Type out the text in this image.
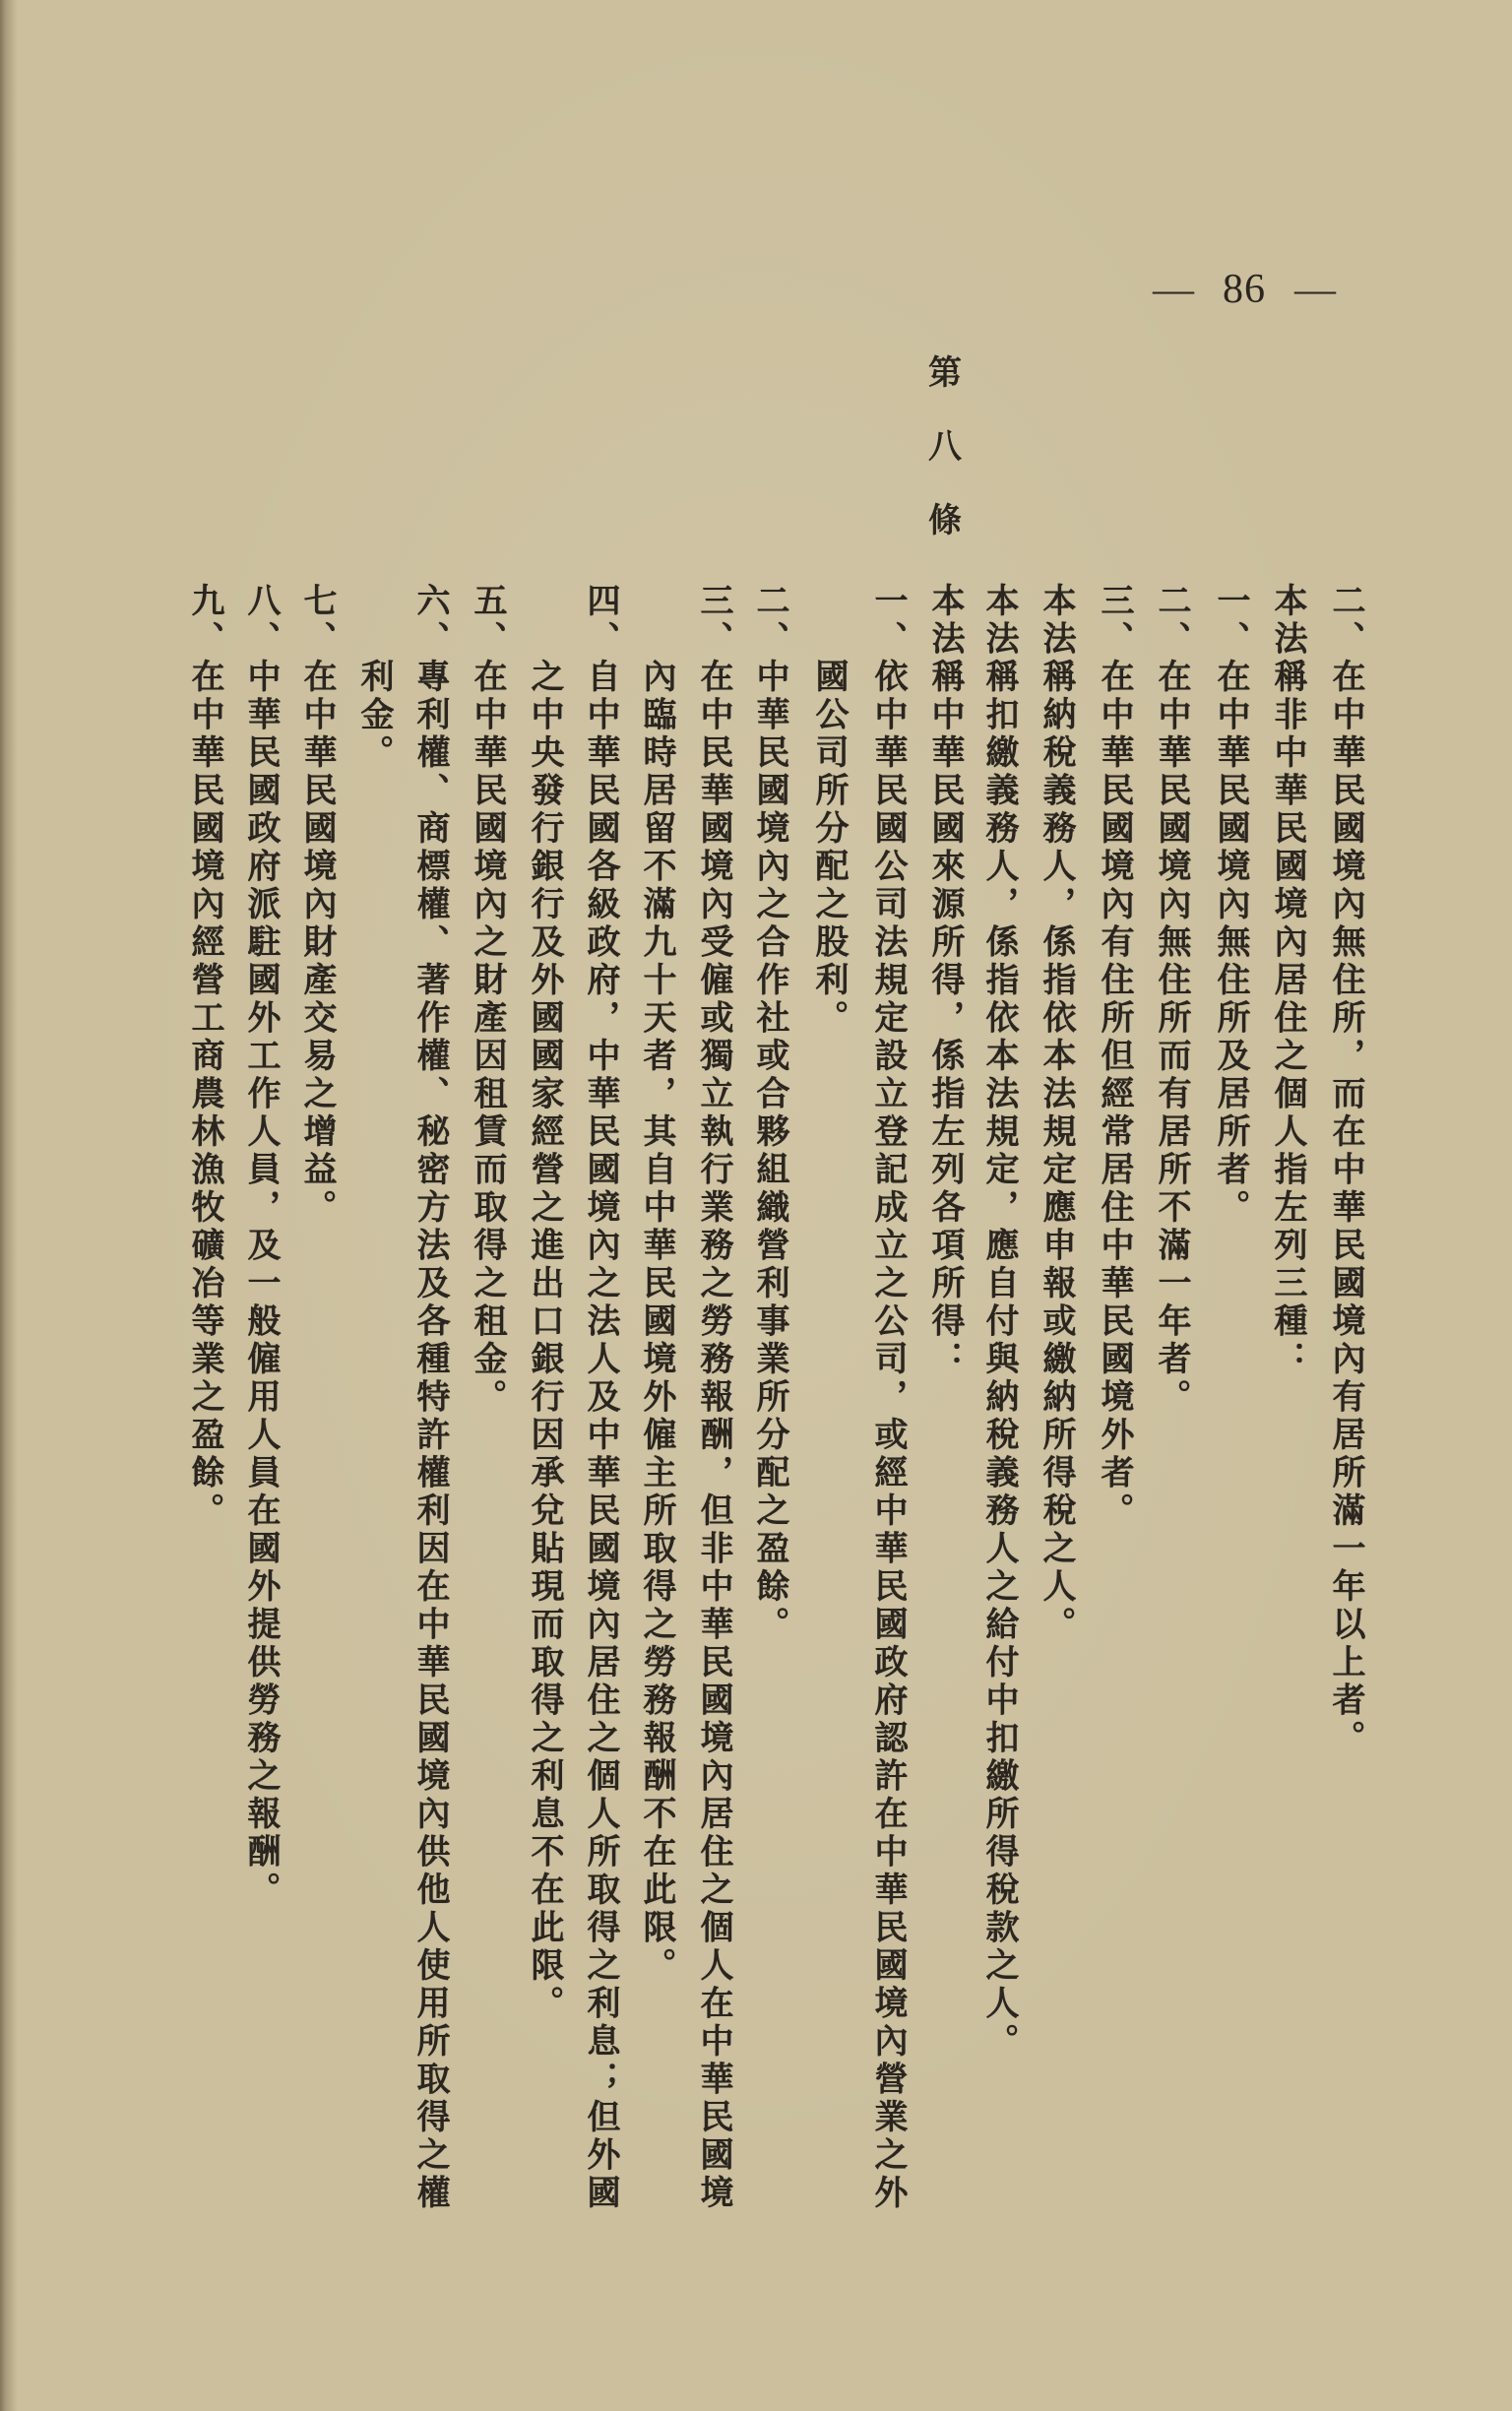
— 86 —
二、在中華民國境內無住所，而在中華民國境內有居所滿一年以上者。
本法稱非中華民國境內居住之個人指左列三種：
一、在中華民國境內無住所及居所者。
二、在中華民國境內無住所而有居所不滿一年者。
三、在中華民國境內有住所但經常居住中華民國境外者。
本法稱納稅義務人，係指依本法規定應申報或繳納所得稅之人。
本法稱扣繳義務人，係指依本法規定，應自付與納稅義務人之給付中扣繳所得稅款之人。
第
八
條
本法稱中華民國來源所得，係指左列各項所得：
一、依中華民國公司法規定設立登記成立之公司，或經中華民國政府認許在中華民國境內營業之外
國公司所分配之股利。
二、中華民國境內之合作社或合夥組織營利事業所分配之盈餘。
三、在中民華國境內受僱或獨立執行業務之勞務報酬，但非中華民國境內居住之個人在中華民國境
內臨時居留不滿九十天者，其自中華民國境外僱主所取得之勞務報酬不在此限。
四、自中華民國各級政府，中華民國境內之法人及中華民國境內居住之個人所取得之利息；但外國
之中央發行銀行及外國國家經營之進出口銀行因承兌貼現而取得之利息不在此限。
五、在中華民國境內之財產因租賃而取得之租金。
六、專利權、商標權、著作權、秘密方法及各種特許權利因在中華民國境內供他人使用所取得之權
利金。
七、在中華民國境內財產交易之增益。
八、中華民國政府派駐國外工作人員，及一般僱用人員在國外提供勞務之報酬。
九、在中華民國境內經營工商農林漁牧礦冶等業之盈餘。
